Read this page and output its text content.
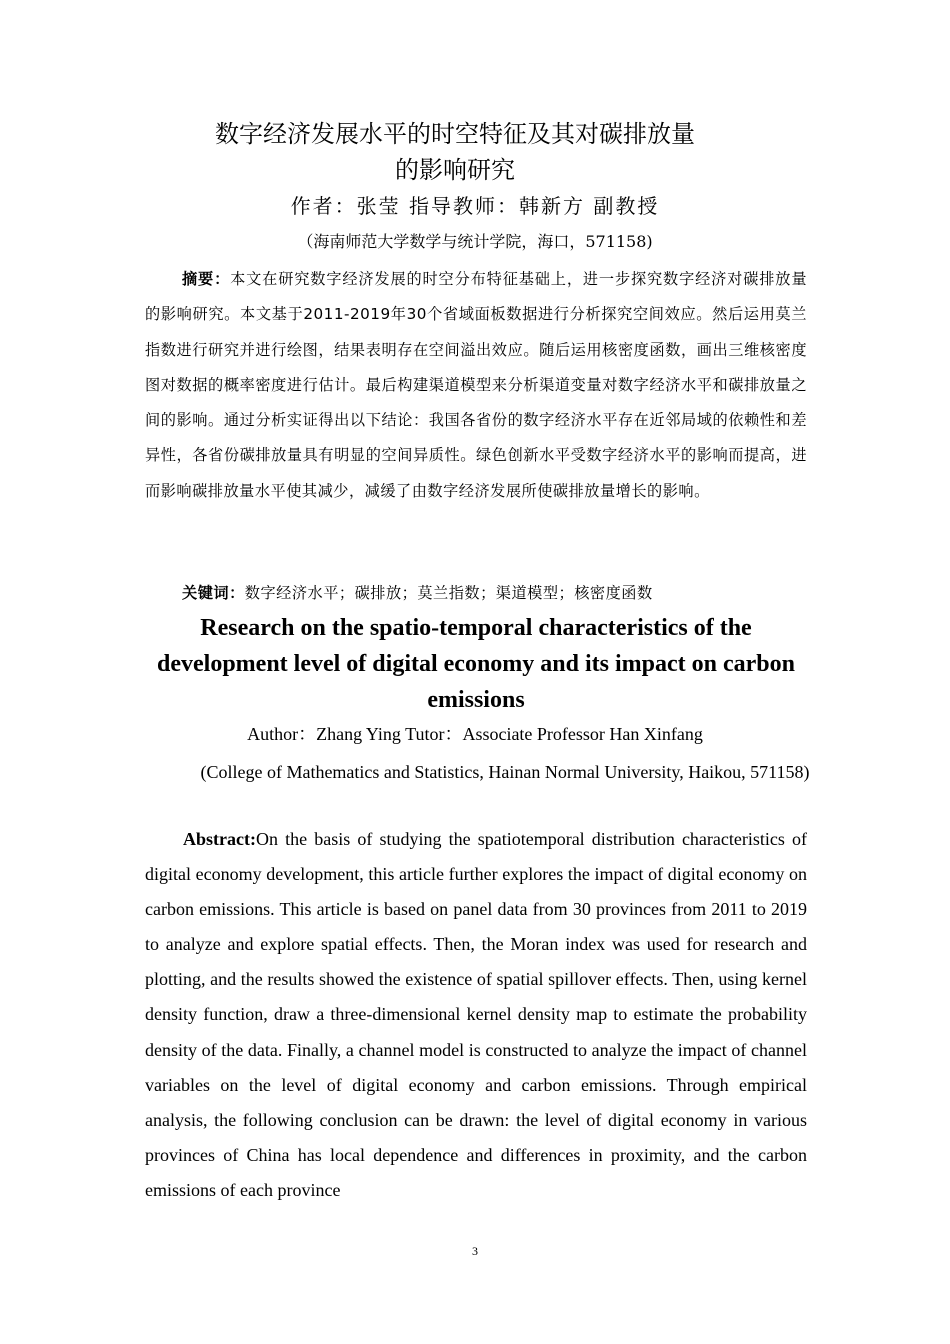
数字经济发展水平的时空特征及其对碳排放量
的影响研究
作者：张莹 指导教师：韩新方 副教授
（海南师范大学数学与统计学院，海口，571158)

摘要：本文在研究数字经济发展的时空分布特征基础上，进一步探究数字经济对碳排放量的影响研究。本文基于2011-2019年30个省域面板数据进行分析探究空间效应。然后运用莫兰指数进行研究并进行绘图，结果表明存在空间溢出效应。随后运用核密度函数，画出三维核密度图对数据的概率密度进行估计。最后构建渠道模型来分析渠道变量对数字经济水平和碳排放量之间的影响。通过分析实证得出以下结论：我国各省份的数字经济水平存在近邻局域的依赖性和差异性，各省份碳排放量具有明显的空间异质性。绿色创新水平受数字经济水平的影响而提高，进而影响碳排放量水平使其减少，减缓了由数字经济发展所使碳排放量增长的影响。

关键词：数字经济水平；碳排放；莫兰指数；渠道模型；核密度函数
Research on the spatio-temporal characteristics of the development level of digital economy and its impact on carbon emissions
Author：Zhang Ying Tutor：Associate Professor Han Xinfang
(College of Mathematics and Statistics, Hainan Normal University, Haikou, 571158)

Abstract:On the basis of studying the spatiotemporal distribution characteristics of digital economy development, this article further explores the impact of digital economy on carbon emissions. This article is based on panel data from 30 provinces from 2011 to 2019 to analyze and explore spatial effects. Then, the Moran index was used for research and plotting, and the results showed the existence of spatial spillover effects. Then, using kernel density function, draw a three-dimensional kernel density map to estimate the probability density of the data. Finally, a channel model is constructed to analyze the impact of channel variables on the level of digital economy and carbon emissions. Through empirical analysis, the following conclusion can be drawn: the level of digital economy in various provinces of China has local dependence and differences in proximity, and the carbon emissions of each province

3
